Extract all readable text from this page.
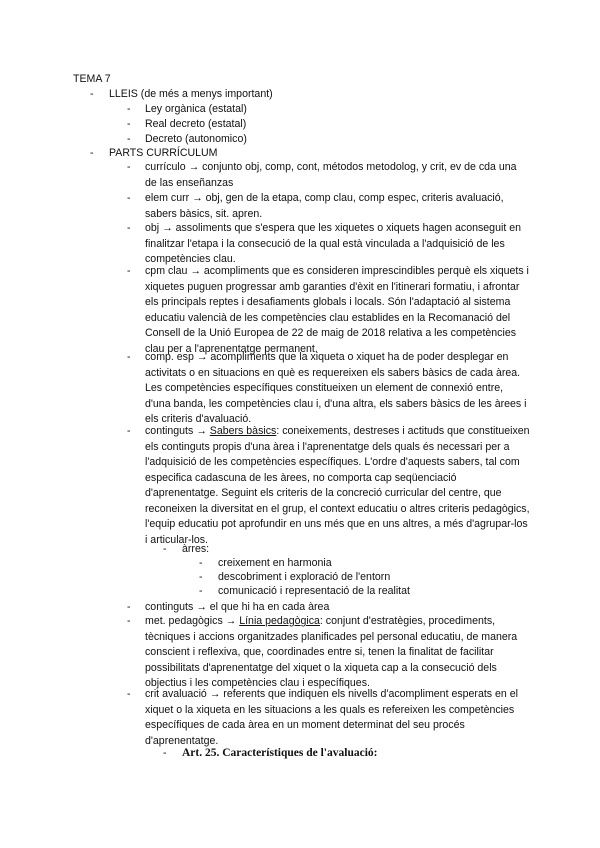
TEMA 7
- LLEIS (de més a menys important)
- Ley orgànica (estatal)
- Real decreto (estatal)
- Decreto (autonomico)
- PARTS CURRÍCULUM
- currículo → conjunto obj, comp, cont, métodos metodolog, y crit, ev de cda una de las enseñanzas

- elem curr → obj, gen de la etapa, comp clau, comp espec, criteris avaluació, sabers bàsics, sit. apren.

- obj → assoliments que s'espera que les xiquetes o xiquets hagen aconseguit en finalitzar l'etapa i la consecució de la qual està vinculada a l'adquisició de les competències clau.

- cpm clau → acompliments que es consideren imprescindibles perquè els xiquets i xiquetes puguen progressar amb garanties d'èxit en l'itinerari formatiu, i afrontar els principals reptes i desafiaments globals i locals. Són l'adaptació al sistema educatiu valencià de les competències clau establides en la Recomanació del Consell de la Unió Europea de 22 de maig de 2018 relativa a les competències clau per a l'aprenentatge permanent.

- comp. esp → acompliments que la xiqueta o xiquet ha de poder desplegar en activitats o en situacions en què es requereixen els sabers bàsics de cada àrea. Les competències específiques constitueixen un element de connexió entre, d'una banda, les competències clau i, d'una altra, els sabers bàsics de les àrees i els criteris d'avaluació.

- continguts → Sabers bàsics: coneixements, destreses i actituds que constitueixen els continguts propis d'una àrea i l'aprenentatge dels quals és necessari per a l'adquisició de les competències específiques. L'ordre d'aquests sabers, tal com especifica cadascuna de les àrees, no comporta cap seqüenciació d'aprenentatge. Seguint els criteris de la concreció curricular del centre, que reconeixen la diversitat en el grup, el context educatiu o altres criteris pedagògics, l'equip educatiu pot aprofundir en uns més que en uns altres, a més d'agrupar-los i articular-los.

- àrres:
- creixement en harmonia
- descobriment i exploració de l'entorn
- comunicació i representació de la realitat
- continguts → el que hi ha en cada àrea

- met. pedagògics → Línia pedagògica: conjunt d'estratègies, procediments, tècniques i accions organitzades planificades pel personal educatiu, de manera conscient i reflexiva, que, coordinades entre si, tenen la finalitat de facilitar possibilitats d'aprenentatge del xiquet o la xiqueta cap a la consecució dels objectius i les competències clau i específiques.

- crit avaluació → referents que indiquen els nivells d'acompliment esperats en el xiquet o la xiqueta en les situacions a les quals es refereixen les competències específiques de cada àrea en un moment determinat del seu procés d'aprenentatge.

- Art. 25. Característiques de l'avaluació:
